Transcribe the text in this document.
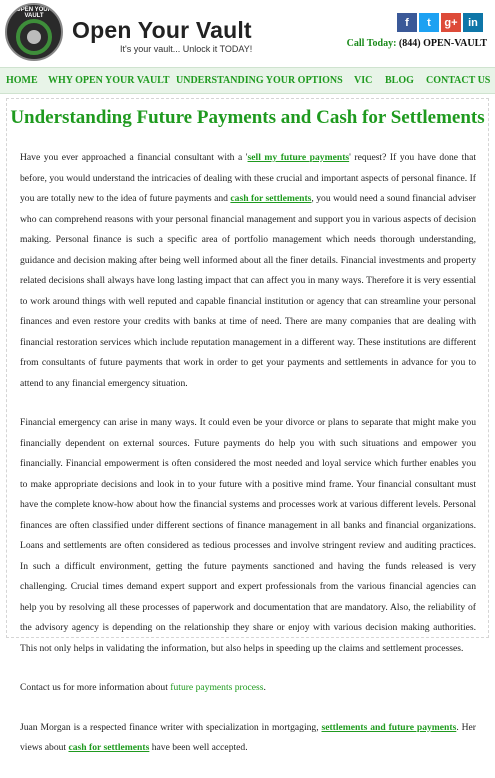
OPEN YOUR VAULT
Open Your Vault
It's your vault... Unlock it TODAY!
f	t	g+ in
Call Today: (844) OPEN-VAULT
HOME WHY OPEN YOUR VAULT UNDERSTANDING YOUR OPTIONS VIC BLOG CONTACT US
Understanding Future Payments and Cash for Settlements

Have you ever approached a financial consultant with a 'sell my future payments' request? If you have done that before, you would understand the intricacies of dealing with these crucial and important aspects of personal finance. If you are totally new to the idea of future payments and cash for settlements, you would need a sound financial adviser who can comprehend reasons with your personal financial management and support you in various aspects of decision making. Personal finance is such a specific area of portfolio management which needs thorough understanding, guidance and decision making after being well informed about all the finer details. Financial investments and property related decisions shall always have long lasting impact that can affect you in many ways. Therefore it is very essential to work around things with well reputed and capable financial institution or agency that can streamline your personal finances and even restore your credits with banks at time of need. There are many companies that are dealing with financial restoration services which include reputation management in a different way. These institutions are different from consultants of future payments that work in order to get your payments and settlements in advance for you to attend to any financial emergency situation.

Financial emergency can arise in many ways. It could even be your divorce or plans to separate that might make you financially dependent on external sources. Future payments do help you with such situations and empower you financially. Financial empowerment is often considered the most needed and loyal service which further enables you to make appropriate decisions and look in to your future with a positive mind frame. Your financial consultant must have the complete know-how about how the financial systems and processes work at various different levels. Personal finances are often classified under different sections of finance management in all banks and financial organizations. Loans and settlements are often considered as tedious processes and involve stringent review and auditing practices. In such a difficult environment, getting the future payments sanctioned and having the funds released is very challenging. Crucial times demand expert support and expert professionals from the various financial agencies can help you by resolving all these processes of paperwork and documentation that are mandatory. Also, the reliability of the advisory agency is depending on the relationship they share or enjoy with various decision making authorities. This not only helps in validating the information, but also helps in speeding up the claims and settlement processes.

Contact us for more information about future payments process.

Juan Morgan is a respected finance writer with specialization in mortgaging, settlements and future payments. Her views about cash for settlements have been well accepted.
